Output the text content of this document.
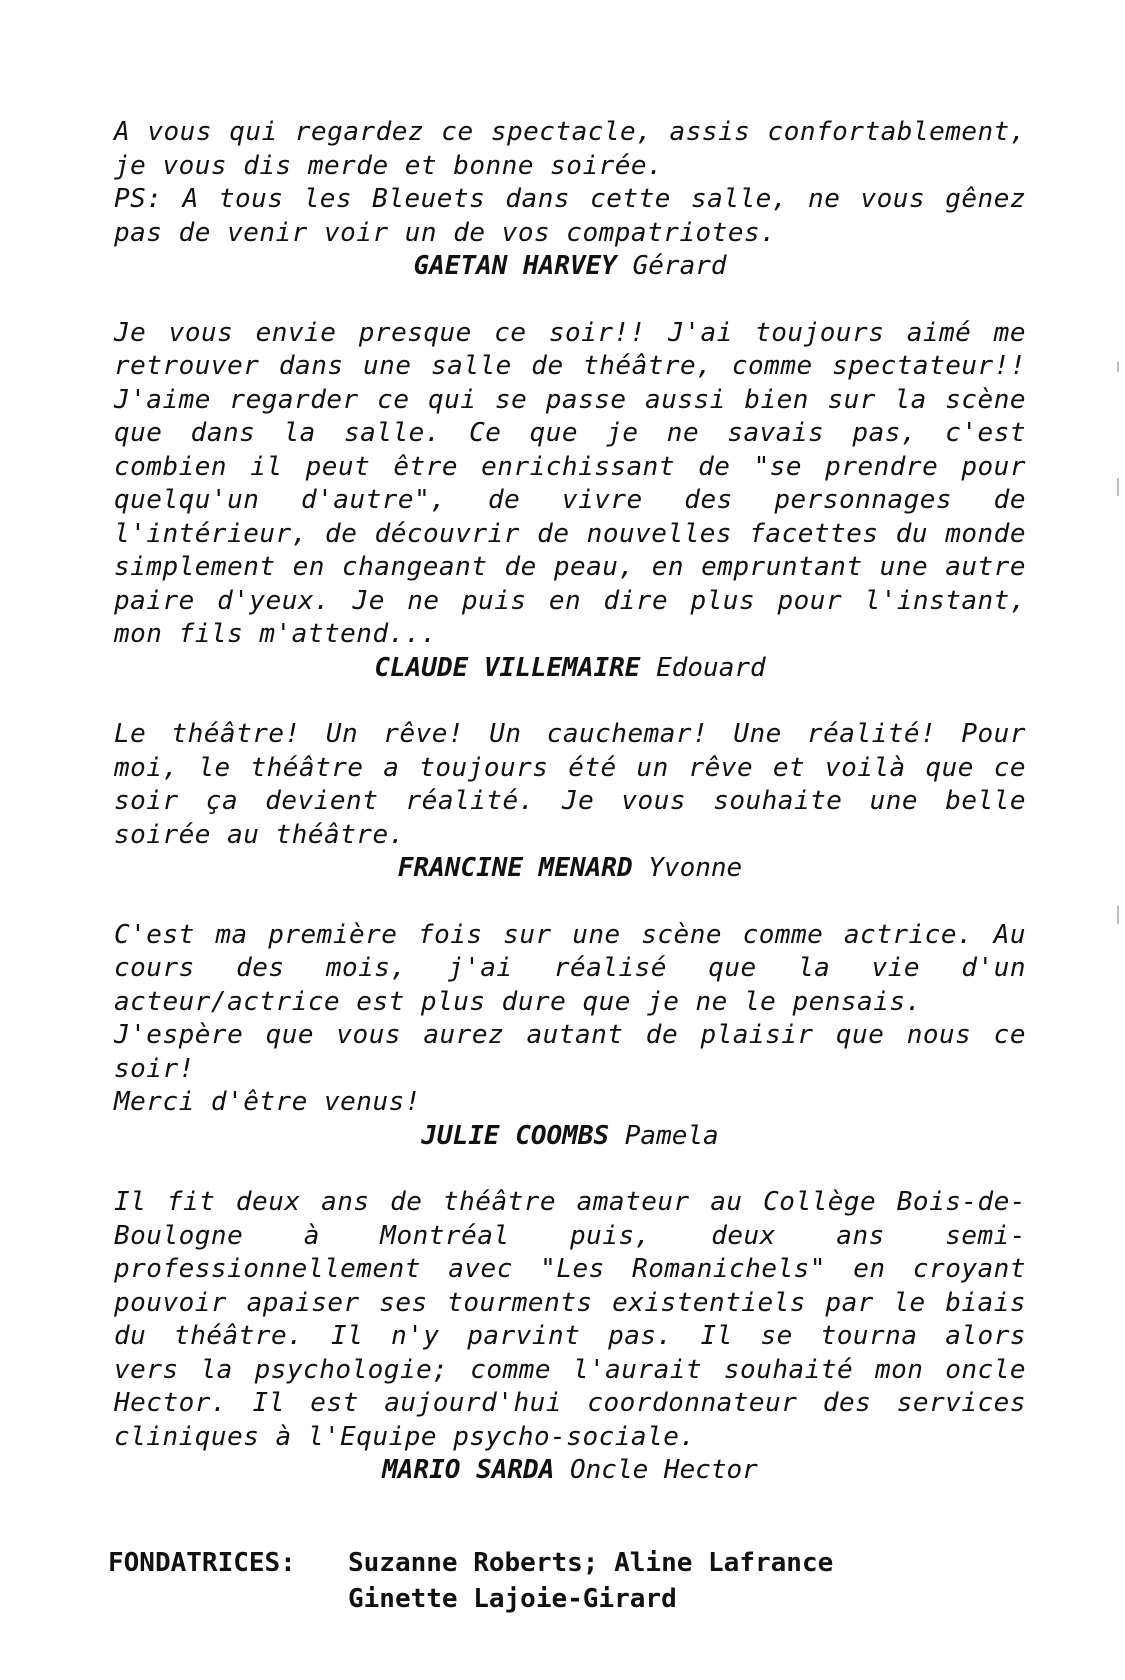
A vous qui regardez ce spectacle, assis confortablement,
je vous dis merde et bonne soirée.
PS: A tous les Bleuets dans cette salle, ne vous gênez
pas de venir voir un de vos compatriotes.

GAETAN HARVEY Gérard

Je vous envie presque ce soir!! J'ai toujours aimé me
retrouver dans une salle de théâtre, comme spectateur!!
J'aime regarder ce qui se passe aussi bien sur la scène
que dans la salle. Ce que je ne savais pas, c'est
combien il peut être enrichissant de "se prendre pour
quelqu'un d'autre", de vivre des personnages de
l'intérieur, de découvrir de nouvelles facettes du monde
simplement en changeant de peau, en empruntant une autre
paire d'yeux. Je ne puis en dire plus pour l'instant,
mon fils m'attend...

CLAUDE VILLEMAIRE Edouard

Le théâtre! Un rêve! Un cauchemar! Une réalité! Pour
moi, le théâtre a toujours été un rêve et voilà que ce
soir ça devient réalité. Je vous souhaite une belle
soirée au théâtre.

FRANCINE MENARD Yvonne

C'est ma première fois sur une scène comme actrice. Au
cours des mois, j'ai réalisé que la vie d'un
acteur/actrice est plus dure que je ne le pensais.
J'espère que vous aurez autant de plaisir que nous ce
soir!
Merci d'être venus!

JULIE COOMBS Pamela

Il fit deux ans de théâtre amateur au Collège Bois-de-
Boulogne à Montréal puis, deux ans semi-
professionnellement avec "Les Romanichels" en croyant
pouvoir apaiser ses tourments existentiels par le biais
du théâtre. Il n'y parvint pas. Il se tourna alors
vers la psychologie; comme l'aurait souhaité mon oncle
Hector. Il est aujourd'hui coordonnateur des services
cliniques à l'Equipe psycho-sociale.

MARIO SARDA Oncle Hector

FONDATRICES: Suzanne Roberts; Aline Lafrance
Ginette Lajoie-Girard
